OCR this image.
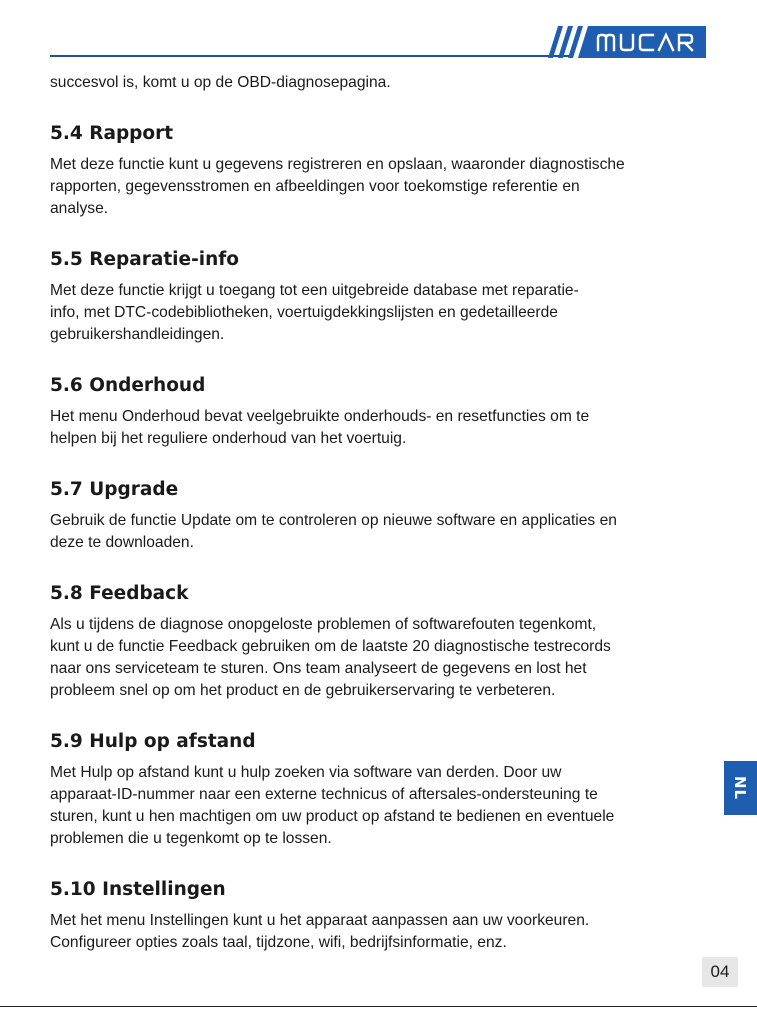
succesvol is, komt u op de OBD-diagnosepagina.

5.4 Rapport

Met deze functie kunt u gegevens registreren en opslaan, waaronder diagnostische
rapporten, gegevensstromen en afbeeldingen voor toekomstige referentie en
analyse.

5.5 Reparatie-info

Met deze functie krijgt u toegang tot een uitgebreide database met reparatie-
info, met DTC-codebibliotheken, voertuigdekkingslijsten en gedetailleerde
gebruikershandleidingen.

5.6 Onderhoud

Het menu Onderhoud bevat veelgebruikte onderhouds- en resetfuncties om te
helpen bij het reguliere onderhoud van het voertuig.

5.7 Upgrade

Gebruik de functie Update om te controleren op nieuwe software en applicaties en
deze te downloaden.

5.8 Feedback

Als u tijdens de diagnose onopgeloste problemen of softwarefouten tegenkomt,
kunt u de functie Feedback gebruiken om de laatste 20 diagnostische testrecords
naar ons serviceteam te sturen. Ons team analyseert de gegevens en lost het
probleem snel op om het product en de gebruikerservaring te verbeteren.

5.9 Hulp op afstand

Met Hulp op afstand kunt u hulp zoeken via software van derden. Door uw
apparaat-ID-nummer naar een externe technicus of aftersales-ondersteuning te
sturen, kunt u hen machtigen om uw product op afstand te bedienen en eventuele
problemen die u tegenkomt op te lossen.

5.10 Instellingen

Met het menu Instellingen kunt u het apparaat aanpassen aan uw voorkeuren.
Configureer opties zoals taal, tijdzone, wifi, bedrijfsinformatie, enz.

NL
04
